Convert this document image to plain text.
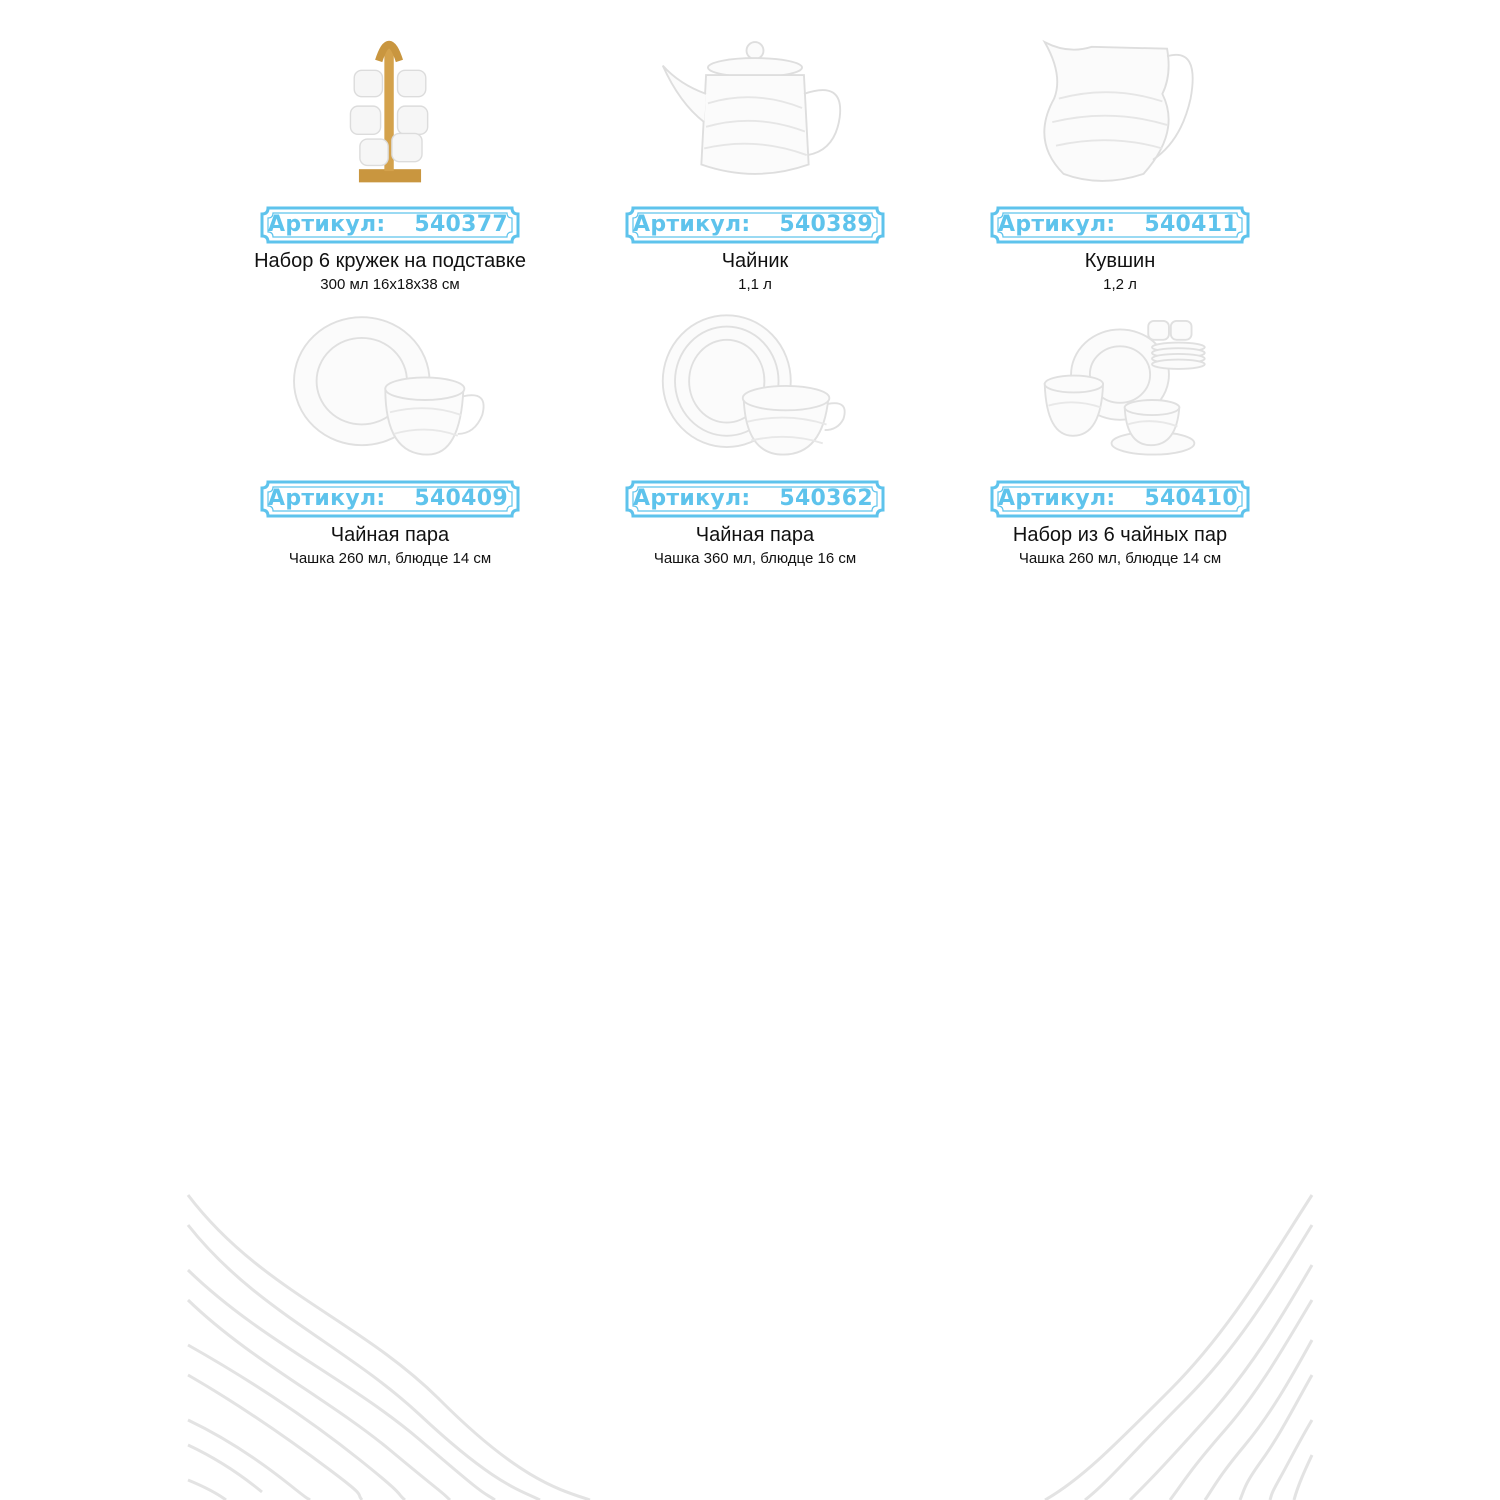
Артикул: 540377
Набор 6 кружек на подставке
300 мл 16x18x38 см
Артикул: 540389
Чайник
1,1 л
Артикул: 540411
Кувшин
1,2 л
Артикул: 540409
Чайная пара
Чашка 260 мл, блюдце 14 см
Артикул: 540362
Чайная пара
Чашка 360 мл, блюдце 16 см
Артикул: 540410
Набор из 6 чайных пар
Чашка 260 мл, блюдце 14 см
